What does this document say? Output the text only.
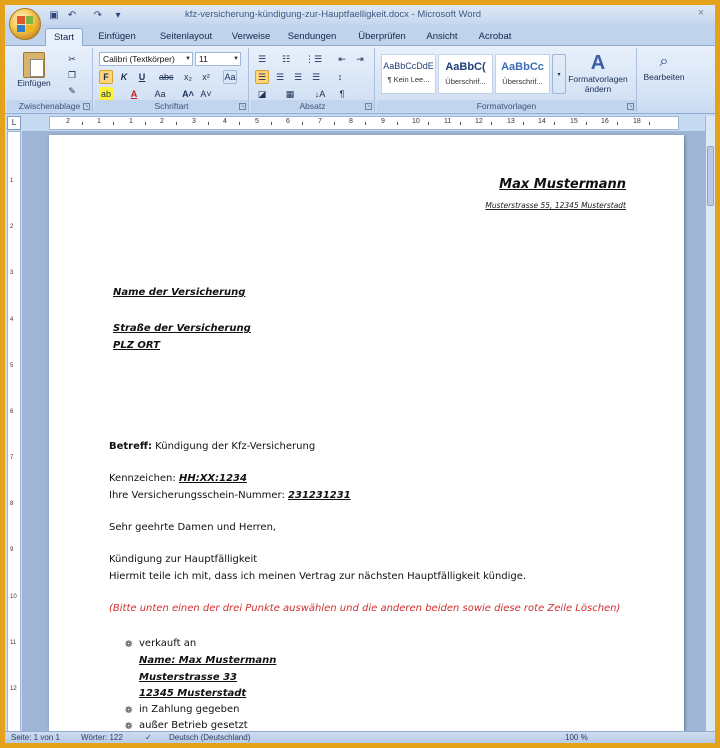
▣ ↶ ↷	▾	kfz-versicherung-kündigung-zur-Hauptfaelligkeit.docx - Microsoft Word	×
Start	Einfügen	Seitenlayout	Verweise	Sendungen	Überprüfen	Ansicht	Acrobat
Einfügen
✂
❐
✎
Zwischenablage ↘
Calibri (Textkörper) ▼ 11	▼
F	K	U	abc	x₂	x²	Aa
ab	A	Aa A˄ A˅
Schriftart	↘
☰	☷	⋮☰	⇤	⇥
☰	☰	☰	☰	↕
◪	▦	↓A	¶
Absatz	↘
AaBbCcDdE
¶ Kein Lee...
AaBbC(
Überschrif...
AaBbCc
Überschrif...
▾
A
Formatvorlagen ändern
Formatvorlagen	↘
⌕
Bearbeiten
L	2	1	1	2	3	4	5	6	7	8	9	10	11	12	13	14	15	16	18
1
2
3
4
5
6
7
8
9
10
11
12
Max Mustermann
Musterstrasse 55, 12345 Musterstadt
Name der Versicherung
Straße der Versicherung
PLZ ORT
Betreff: Kündigung der Kfz-Versicherung
Kennzeichen: HH:XX:1234
Ihre Versicherungsschein-Nummer: 231231231
Sehr geehrte Damen und Herren,
Kündigung zur Hauptfälligkeit
Hiermit teile ich mit, dass ich meinen Vertrag zur nächsten Hauptfälligkeit kündige.
(Bitte unten einen der drei Punkte auswählen und die anderen beiden sowie diese rote Zeile Löschen)
❁ verkauft an
Name: Max Mustermann
Musterstrasse 33
12345 Musterstadt
❁ in Zahlung gegeben
❁ außer Betrieb gesetzt
Seite: 1 von 1	Wörter: 122	✓ Deutsch (Deutschland)	100 %
